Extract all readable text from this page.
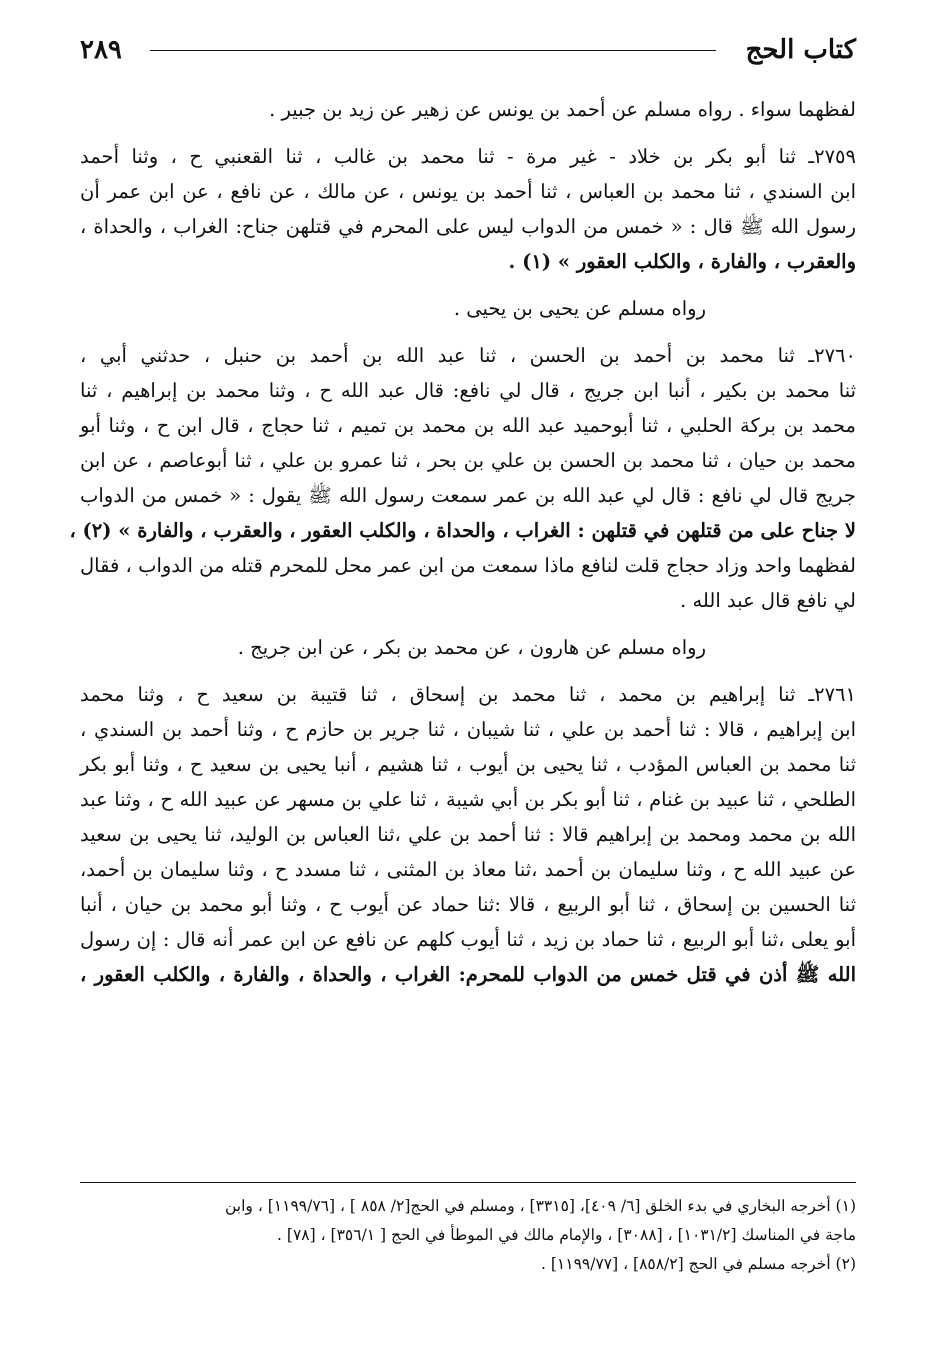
٢٨٩	كتاب الحج
لفظهما سواء . رواه مسلم عن أحمد بن يونس عن زهير عن زيد بن جبير .
٢٧٥٩ـ ثنا أبو بكر بن خلاد - غير مرة - ثنا محمد بن غالب ، ثنا القعنبي ح ، وثنا أحمد
ابن السندي ، ثنا محمد بن العباس ، ثنا أحمد بن يونس ، عن مالك ، عن نافع ، عن ابن عمر أن
رسول الله ﷺ قال : « خمس من الدواب ليس على المحرم في قتلهن جناح: الغراب ، والحداة ،
والعقرب ، والفارة ، والكلب العقور » (١) .
رواه مسلم عن يحيى بن يحيى .
٢٧٦٠ـ ثنا محمد بن أحمد بن الحسن ، ثنا عبد الله بن أحمد بن حنبل ، حدثني أبي ،
ثنا محمد بن بكير ، أنبا ابن جريج ، قال لي نافع: قال عبد الله ح ، وثنا محمد بن إبراهيم ، ثنا
محمد بن بركة الحلبي ، ثنا أبوحميد عبد الله بن محمد بن تميم ، ثنا حجاج ، قال ابن ح ، وثنا أبو
محمد بن حيان ، ثنا محمد بن الحسن بن علي بن بحر ، ثنا عمرو بن علي ، ثنا أبوعاصم ، عن ابن
جريج قال لي نافع : قال لي عبد الله بن عمر سمعت رسول الله ﷺ يقول : « خمس من الدواب
لا جناح على من قتلهن في قتلهن : الغراب ، والحداة ، والكلب العقور ، والعقرب ، والفارة » (٢) ،
لفظهما واحد وزاد حجاج قلت لنافع ماذا سمعت من ابن عمر محل للمحرم قتله من الدواب ، فقال
لي نافع قال عبد الله .
رواه مسلم عن هارون ، عن محمد بن بكر ، عن ابن جريج .
٢٧٦١ـ ثنا إبراهيم بن محمد ، ثنا محمد بن إسحاق ، ثنا قتيبة بن سعيد ح ، وثنا محمد
ابن إبراهيم ، قالا : ثنا أحمد بن علي ، ثنا شيبان ، ثنا جرير بن حازم ح ، وثنا أحمد بن السندي ،
ثنا محمد بن العباس المؤدب ، ثنا يحيى بن أيوب ، ثنا هشيم ، أنبا يحيى بن سعيد ح ، وثنا أبو بكر
الطلحي ، ثنا عبيد بن غنام ، ثنا أبو بكر بن أبي شيبة ، ثنا علي بن مسهر عن عبيد الله ح ، وثنا عبد
الله بن محمد ومحمد بن إبراهيم قالا : ثنا أحمد بن علي ،ثنا العباس بن الوليد، ثنا يحيى بن سعيد
عن عبيد الله ح ، وثنا سليمان بن أحمد ،ثنا معاذ بن المثنى ، ثنا مسدد ح ، وثنا سليمان بن أحمد،
ثنا الحسين بن إسحاق ، ثنا أبو الربيع ، قالا :ثنا حماد عن أيوب ح ، وثنا أبو محمد بن حيان ، أنبا
أبو يعلى ،ثنا أبو الربيع ، ثنا حماد بن زيد ، ثنا أيوب كلهم عن نافع عن ابن عمر أنه قال : إن رسول
الله ﷺ أذن في قتل خمس من الدواب للمحرم: الغراب ، والحداة ، والفارة ، والكلب العقور ،
(١) أخرجه البخاري في بدء الخلق [٦/ ٤٠٩]، [٣٣١٥] ، ومسلم في الحج[٢/ ٨٥٨ ] ، [١١٩٩/٧٦] ، وابن
ماجة في المناسك [١٠٣١/٢] ، [٣٠٨٨] ، والإمام مالك في الموطأ في الحج [ ٣٥٦/١] ، [٧٨] .
(٢) أخرجه مسلم في الحج [٨٥٨/٢] ، [١١٩٩/٧٧] .
